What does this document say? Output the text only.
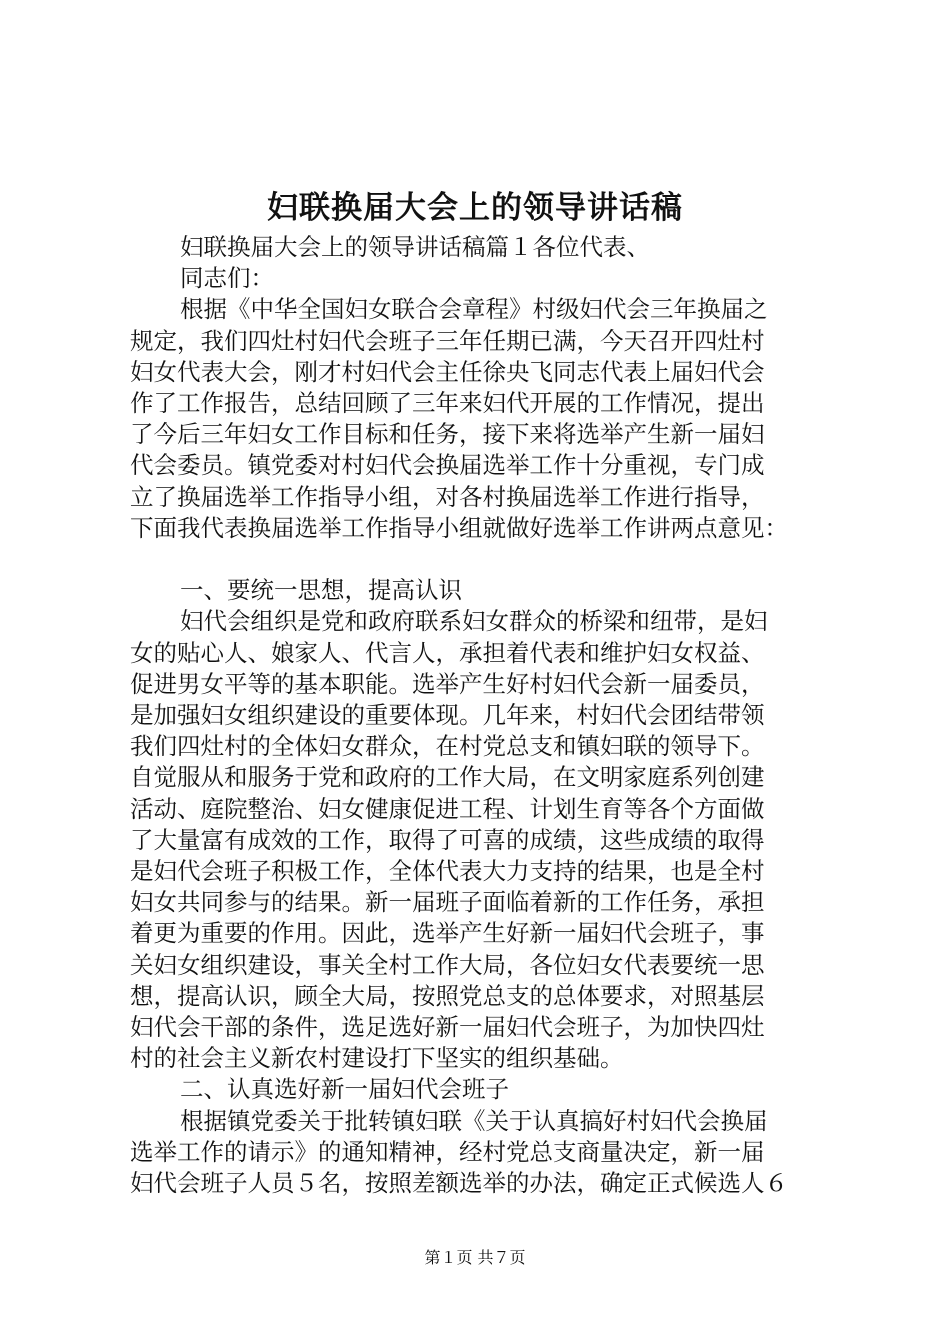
妇联换届大会上的领导讲话稿
妇联换届大会上的领导讲话稿篇１各位代表、
同志们：
根据《中华全国妇女联合会章程》村级妇代会三年换届之
规定，我们四灶村妇代会班子三年任期已满，今天召开四灶村
妇女代表大会，刚才村妇代会主任徐央飞同志代表上届妇代会
作了工作报告，总结回顾了三年来妇代开展的工作情况，提出
了今后三年妇女工作目标和任务，接下来将选举产生新一届妇
代会委员。镇党委对村妇代会换届选举工作十分重视，专门成
立了换届选举工作指导小组，对各村换届选举工作进行指导，
下面我代表换届选举工作指导小组就做好选举工作讲两点意见：
一、要统一思想，提高认识
妇代会组织是党和政府联系妇女群众的桥梁和纽带，是妇
女的贴心人、娘家人、代言人，承担着代表和维护妇女权益、
促进男女平等的基本职能。选举产生好村妇代会新一届委员，
是加强妇女组织建设的重要体现。几年来，村妇代会团结带领
我们四灶村的全体妇女群众，在村党总支和镇妇联的领导下。
自觉服从和服务于党和政府的工作大局，在文明家庭系列创建
活动、庭院整治、妇女健康促进工程、计划生育等各个方面做
了大量富有成效的工作，取得了可喜的成绩，这些成绩的取得
是妇代会班子积极工作，全体代表大力支持的结果，也是全村
妇女共同参与的结果。新一届班子面临着新的工作任务，承担
着更为重要的作用。因此，选举产生好新一届妇代会班子，事
关妇女组织建设，事关全村工作大局，各位妇女代表要统一思
想，提高认识，顾全大局，按照党总支的总体要求，对照基层
妇代会干部的条件，选足选好新一届妇代会班子，为加快四灶
村的社会主义新农村建设打下坚实的组织基础。
二、认真选好新一届妇代会班子
根据镇党委关于批转镇妇联《关于认真搞好村妇代会换届
选举工作的请示》的通知精神，经村党总支商量决定，新一届
妇代会班子人员５名，按照差额选举的办法，确定正式候选人６
第１页 共７页
